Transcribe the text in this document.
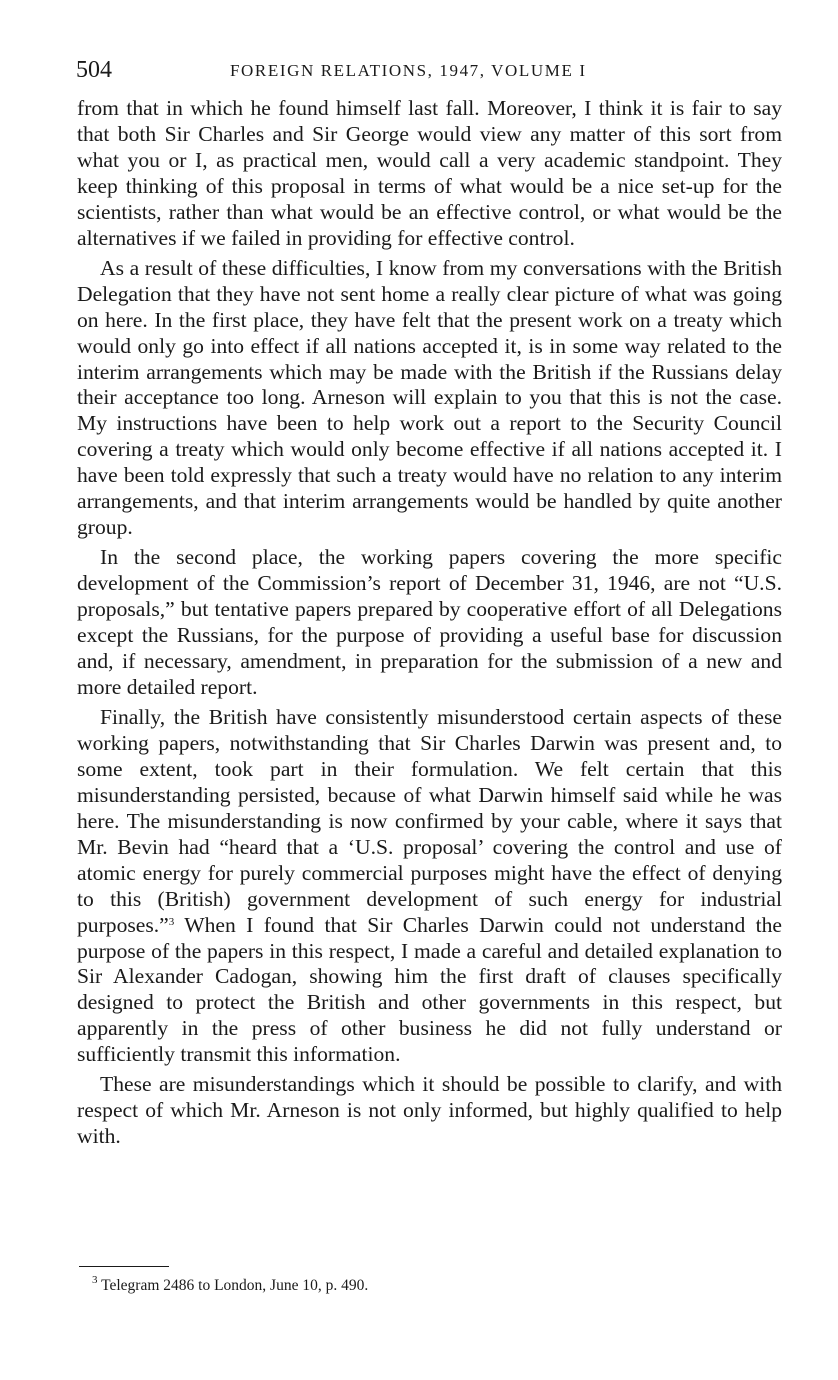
504	FOREIGN RELATIONS, 1947, VOLUME I

from that in which he found himself last fall. Moreover, I think it is fair to say that both Sir Charles and Sir George would view any matter of this sort from what you or I, as practical men, would call a very academic standpoint. They keep thinking of this proposal in terms of what would be a nice set-up for the scientists, rather than what would be an effective control, or what would be the alternatives if we failed in providing for effective control.

As a result of these difficulties, I know from my conversations with the British Delegation that they have not sent home a really clear picture of what was going on here. In the first place, they have felt that the present work on a treaty which would only go into effect if all nations accepted it, is in some way related to the interim arrangements which may be made with the British if the Russians delay their acceptance too long. Arneson will explain to you that this is not the case. My instructions have been to help work out a report to the Security Council covering a treaty which would only become effective if all nations accepted it. I have been told expressly that such a treaty would have no relation to any interim arrangements, and that interim arrangements would be handled by quite another group.

In the second place, the working papers covering the more specific development of the Commission’s report of December 31, 1946, are not “U.S. proposals,” but tentative papers prepared by cooperative effort of all Delegations except the Russians, for the purpose of providing a useful base for discussion and, if necessary, amendment, in preparation for the submission of a new and more detailed report.

Finally, the British have consistently misunderstood certain aspects of these working papers, notwithstanding that Sir Charles Darwin was present and, to some extent, took part in their formulation. We felt certain that this misunderstanding persisted, because of what Darwin himself said while he was here. The misunderstanding is now confirmed by your cable, where it says that Mr. Bevin had “heard that a ‘U.S. proposal’ covering the control and use of atomic energy for purely commercial purposes might have the effect of denying to this (British) government development of such energy for industrial purposes.”$^3$ When I found that Sir Charles Darwin could not understand the purpose of the papers in this respect, I made a careful and detailed explanation to Sir Alexander Cadogan, showing him the first draft of clauses specifically designed to protect the British and other governments in this respect, but apparently in the press of other business he did not fully understand or sufficiently transmit this information.

These are misunderstandings which it should be possible to clarify, and with respect of which Mr. Arneson is not only informed, but highly qualified to help with.

$^3$ Telegram 2486 to London, June 10, p. 490.
